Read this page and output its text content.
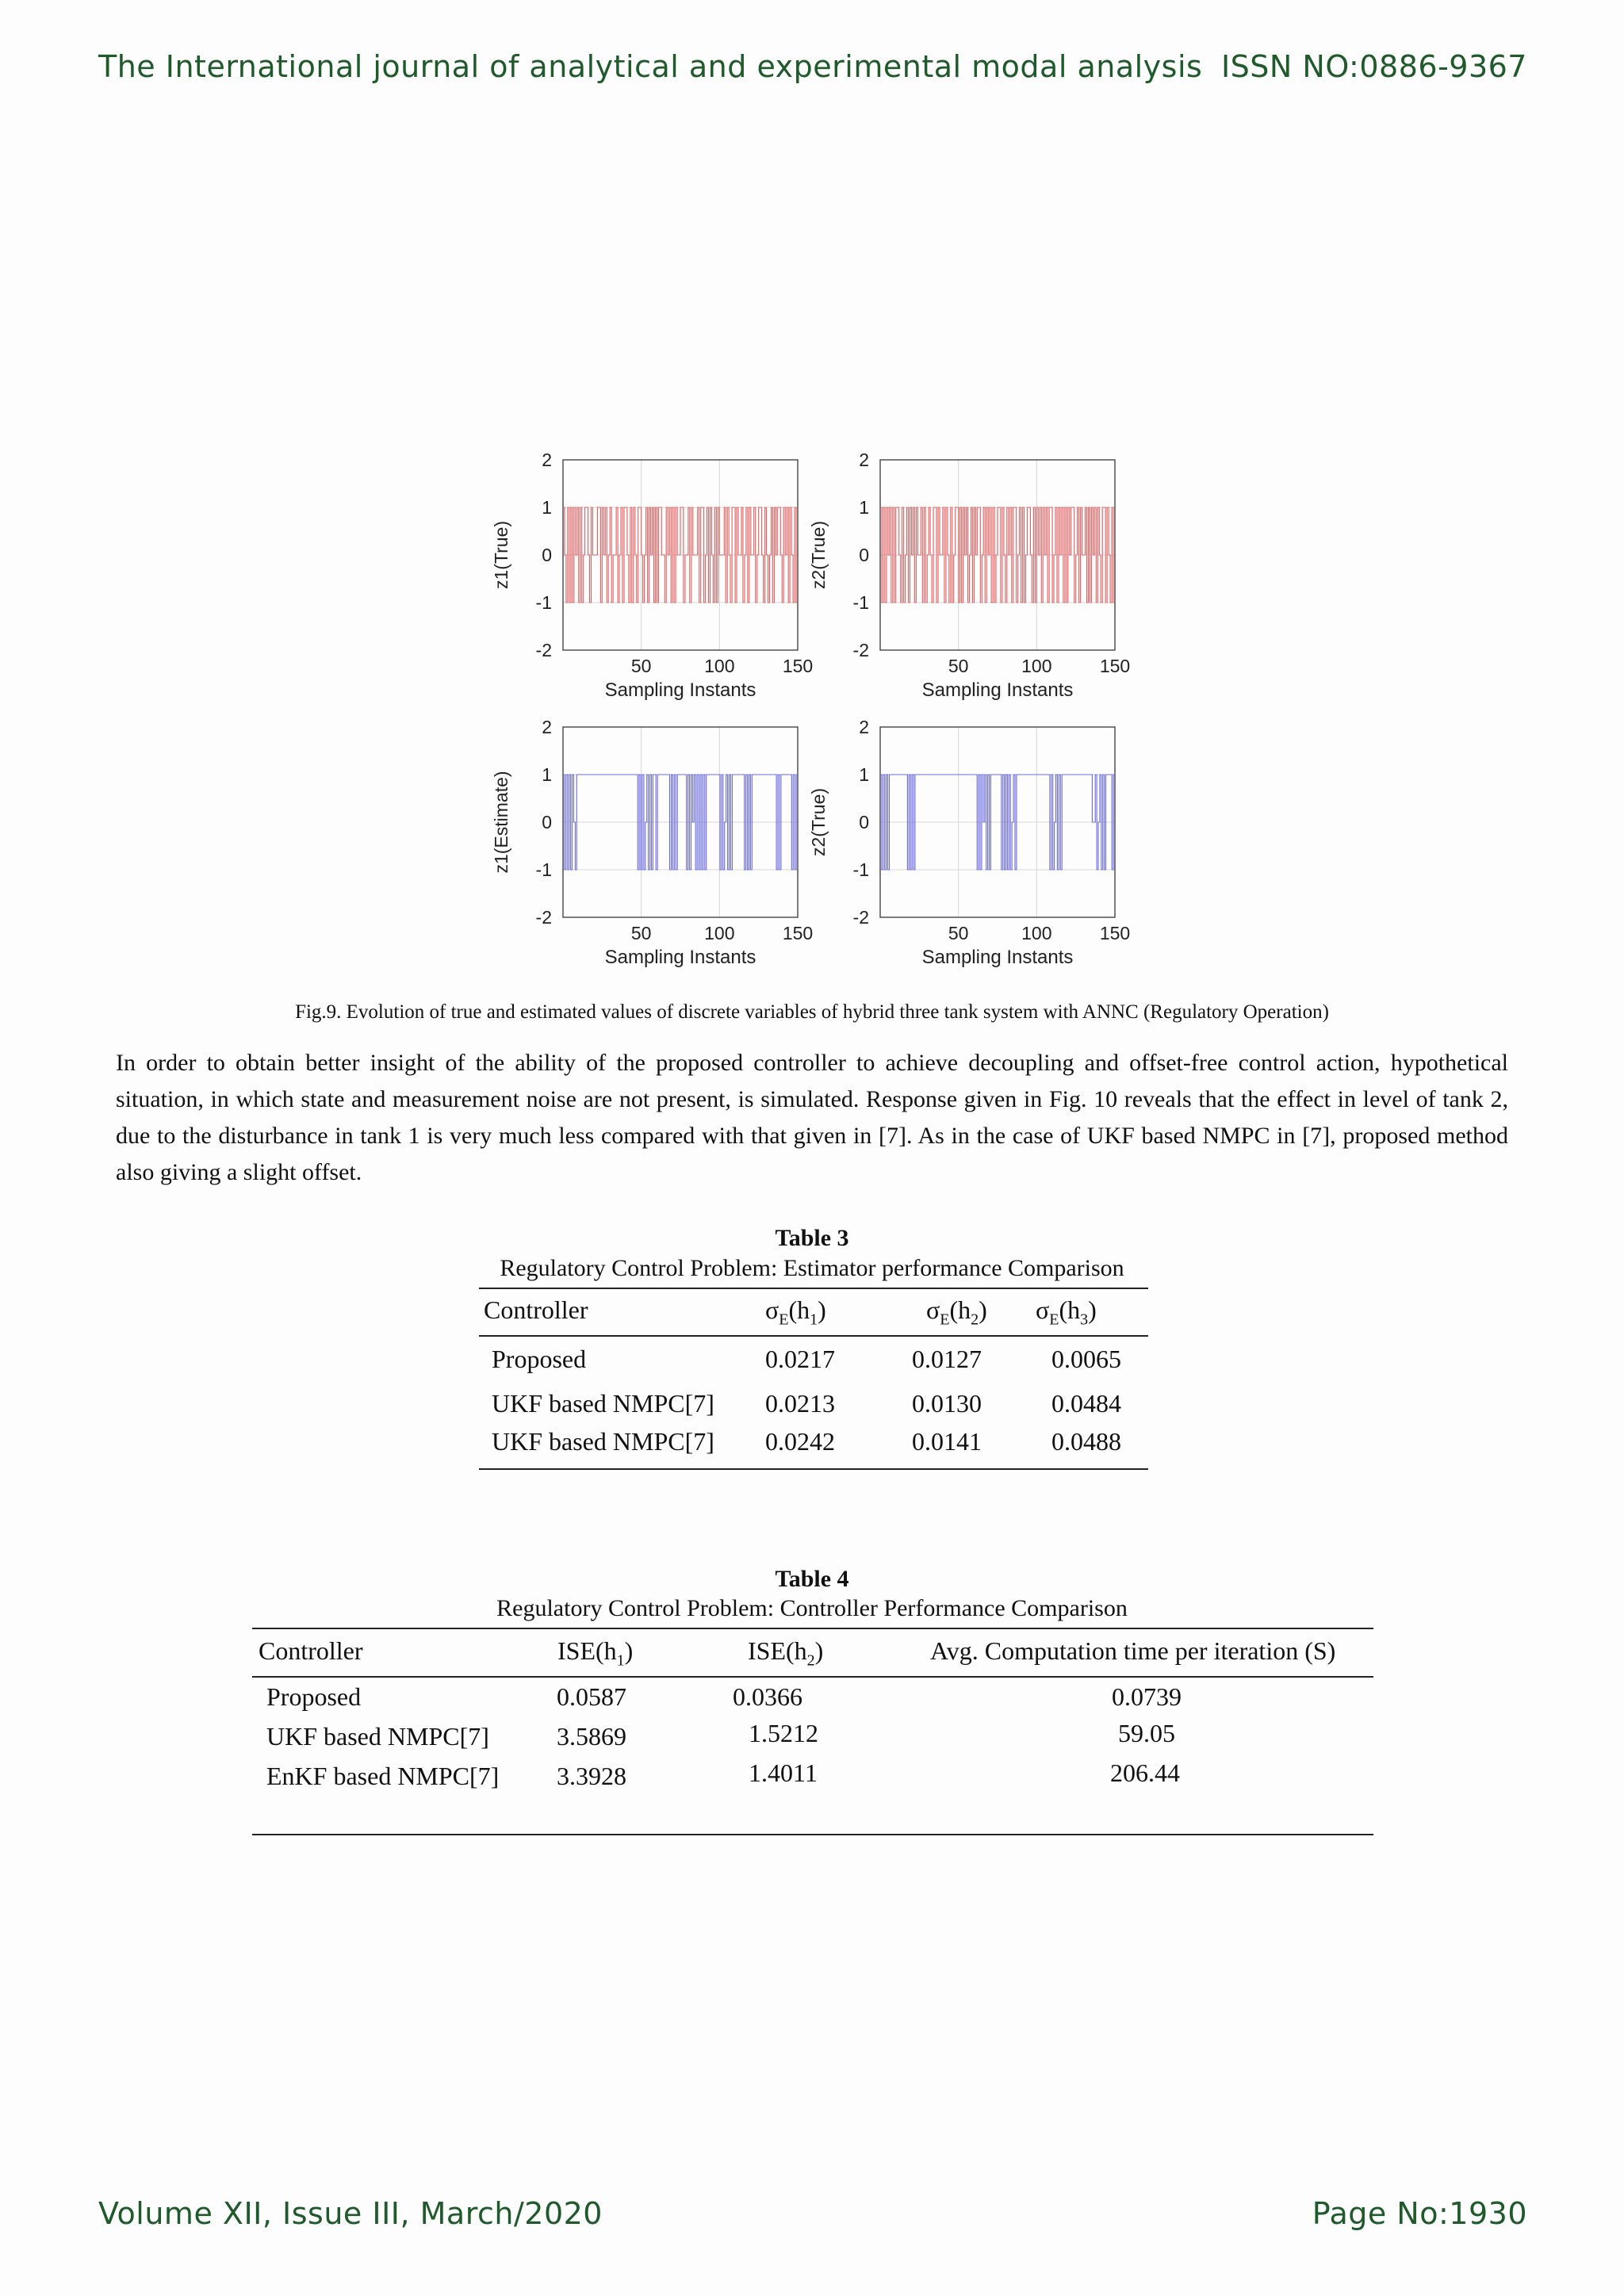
The International journal of analytical and experimental modal analysis ISSN NO:0886-9367
2
1
0
-1
-2
50	100	150
Sampling Instants
z1(True)
2
1
0
-1
-2
50	100	150
Sampling Instants
z2(True)
2
1
0
-1
-2
50	100	150
Sampling Instants
z1(Estimate)
2
1
0
-1
-2
50	100	150
Sampling Instants
z2(True)
Fig.9. Evolution of true and estimated values of discrete variables of hybrid three tank system with ANNC (Regulatory Operation)
In order to obtain better insight of the ability of the proposed controller to achieve decoupling and offset-free control action, hypothetical situation, in which state and measurement noise are not present, is simulated. Response given in Fig. 10 reveals that the effect in level of tank 2, due to the disturbance in tank 1 is very much less compared with that given in [7]. As in the case of UKF based NMPC in [7], proposed method also giving a slight offset.
Table 3
Regulatory Control Problem: Estimator performance Comparison
Controller	$\sigma_E(h_1)$	$\sigma_E(h_2)$ $\sigma_E(h_3)$
Proposed	0.0217	0.0127	0.0065
UKF based NMPC[7] 0.0213	0.0130	0.0484
UKF based NMPC[7] 0.0242	0.0141	0.0488
Table 4
Regulatory Control Problem: Controller Performance Comparison
Controller	$ISE(h_1)$	$ISE(h_2)$	Avg. Computation time per iteration (S)
Proposed	0.0587	0.0366	0.0739
UKF based NMPC[7]	3.5869	1.5212	59.05
EnKF based NMPC[7] 3.3928	1.4011	206.44
Volume XII, Issue III, March/2020	Page No:1930
